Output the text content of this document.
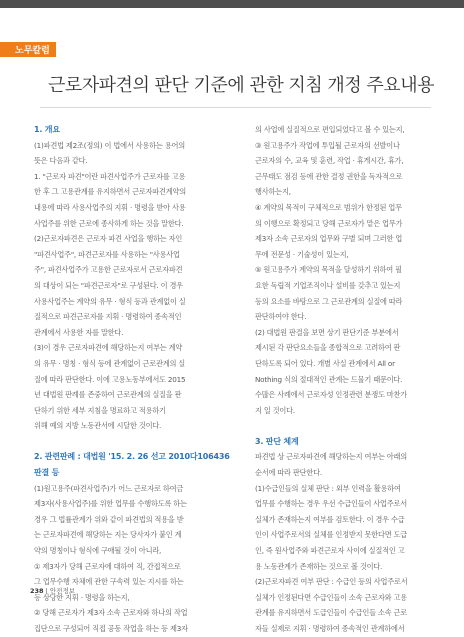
노무칼럼
근로자파견의 판단 기준에 관한 지침 개정 주요내용

1. 개요

(1)파견법 제2조(정의) 이 법에서 사용하는 용어의

뜻은 다음과 같다.

1. "근로자 파견"이란 파견사업주가 근로자를 고용

한 후 그 고용관계를 유지하면서 근로자파견계약의

내용에 따라 사용사업주의 지휘 · 명령을 받아 사용

사업주를 위한 근로에 종사하게 하는 것을 말한다.

(2)근로자파견은 근로자 파견 사업을 행하는 자인

"파견사업주", 파견근로자를 사용하는 "사용사업

주", 파견사업주가 고용한 근로자로서 근로자파견

의 대상이 되는 "파견근로자"로 구성된다. 이 경우

사용사업주는 계약의 유무 · 형식 등과 관계없이 실

질적으로 파견근로자를 지휘 · 명령하여 종속적인

관계에서 사용한 자를 말한다.

(3)이 경우 근로자파견에 해당하는지 여부는 계약

의 유무 · 명칭 · 형식 등에 관계없이 근로관계의 실

질에 따라 판단한다. 이에 고용노동부에서도 2015

년 대법원 판례를 존중하여 근로관계의 실질을 판

단하기 위한 세부 지침을 명료하고 적용하기

위해 예의 지방 노동관서에 시달한 것이다.

2. 관련판례 : 대법원 '15. 2. 26 선고 2010다106436

판결 등

(1)원고용주(파견사업주)가 어느 근로자로 하여금

제3자(사용사업주)를 위한 업무를 수행하도록 하는

경우 그 법률관계가 위와 같이 파견법의 적용을 받

는 근로자파견에 해당하는 지는 당사자가 붙인 계

약의 명칭이나 형식에 구애될 것이 아니라,

① 제3자가 당해 근로자에 대하여 직, 간접적으로

그 업무수행 자체에 관한 구속력 있는 지시를 하는

등 상당한 지휘 · 명령을 하는지,

② 당해 근로자가 제3자 소속 근로자와 하나의 작업

집단으로 구성되어 직접 공동 작업을 하는 등 제3자

의 사업에 실질적으로 편입되었다고 볼 수 있는지,

③ 원고용주가 작업에 투입될 근로자의 선발이나

근로자의 수, 교육 및 훈련, 작업 · 휴게시간, 휴가,

근무태도 점검 등에 관한 결정 권한을 독자적으로

행사하는지,

④ 계약의 목적이 구체적으로 범위가 한정된 업무

의 이행으로 확정되고 당해 근로자가 맡은 업무가

제3자 소속 근로자의 업무와 구별 되며 그러한 업

무에 전문성 · 기술성이 있는지,

⑤ 원고용주가 계약의 목적을 달성하기 위하여 필

요한 독립적 기업조직이나 설비를 갖추고 있는지

등의 요소를 바탕으로 그 근로관계의 실질에 따라

판단하여야 한다.

(2) 대법원 판결을 보면 상기 판단기준 부분에서

제시된 각 판단요소들을 종합적으로 고려하여 판

단하도록 되어 있다. 개별 사실 관계에서 All or

Nothing 식의 절대적인 관계는 드물기 때문이다.

수많은 사례에서 근로자성 인정관련 분쟁도 마찬가

지 일 것이다.

3. 판단 체계

파견법 상 근로자파견에 해당하는지 여부는 아래의

순서에 따라 판단한다.

(1)수급인들의 실체 판단 : 외부 인력을 활용하여

업무를 수행하는 경우 우선 수급인들이 사업주로서

실체가 존재하는지 여부를 검토한다. 이 경우 수급

인이 사업주로서의 실체를 인정받지 못한다면 도급

인, 즉 원사업주와 파견근로자 사이에 실질적인 고

용 노동관계가 존재하는 것으로 볼 것이다.

(2)근로자파견 여부 판단 : 수급인 등의 사업주로서

실체가 인정된다면 수급인들이 소속 근로자와 고용

관계를 유지하면서 도급인들이 수급인들 소속 근로

자들 실제로 지휘 · 명령하여 종속적인 관계하에서

238 | 안전정보
